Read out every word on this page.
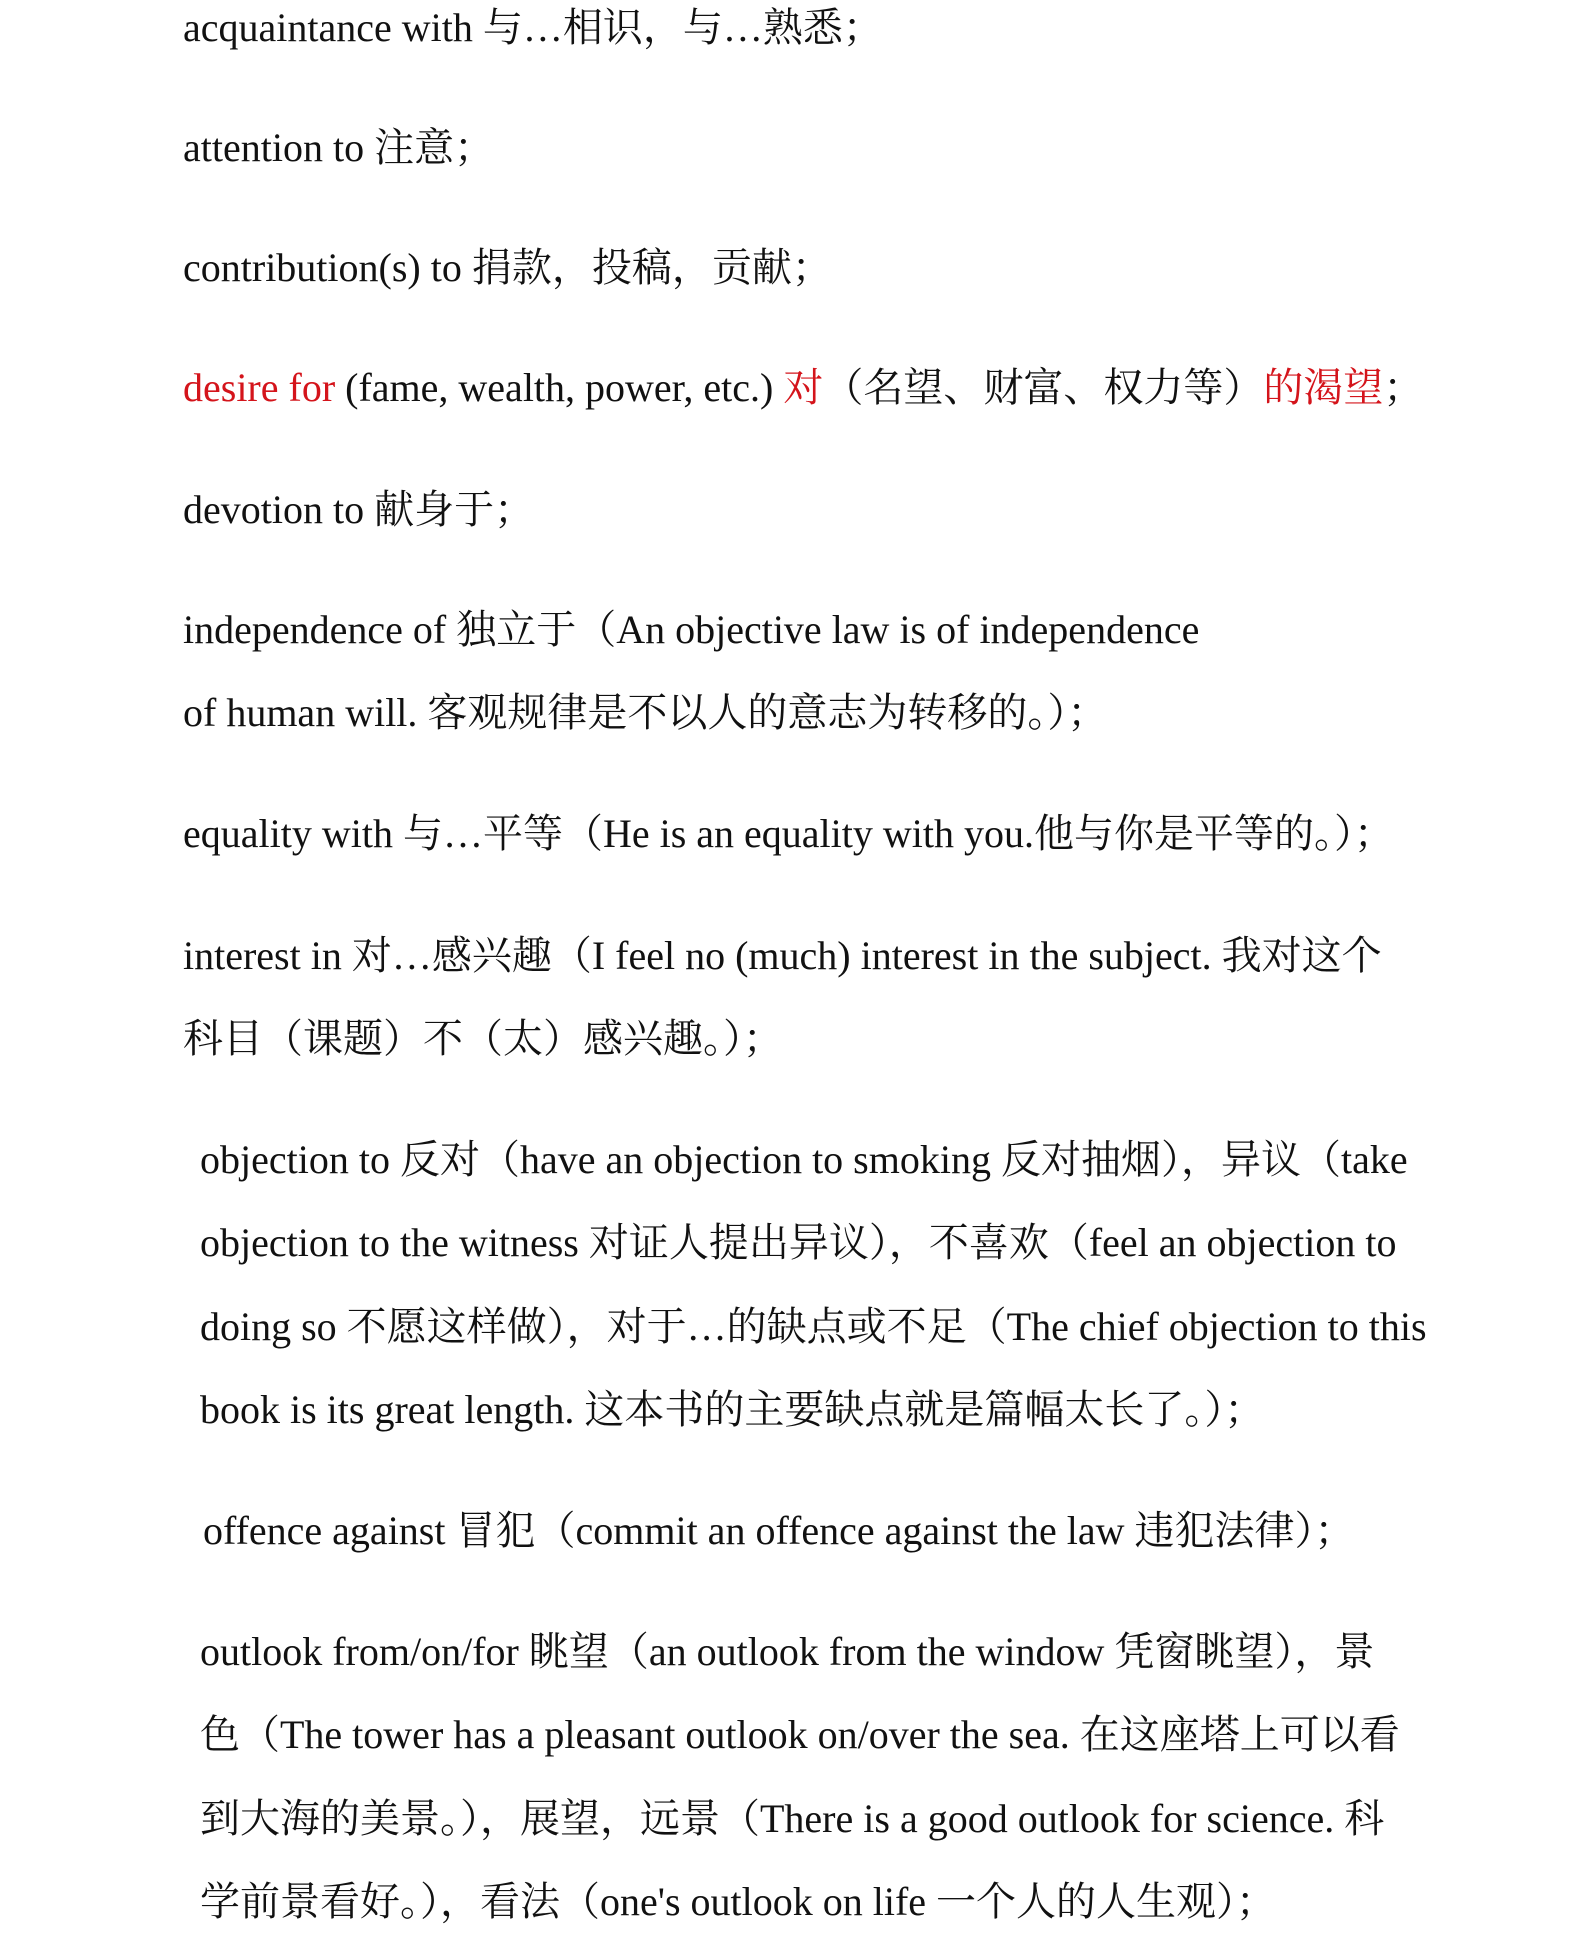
acquaintance with 与…相识，与…熟悉；
attention to 注意；
contribution(s) to 捐款，投稿，贡献；
desire for (fame, wealth, power, etc.) 对（名望、财富、权力等）的渴望；
devotion to 献身于；
independence of 独立于（An objective law is of independence
of human will. 客观规律是不以人的意志为转移的。）；
equality with 与…平等（He is an equality with you.他与你是平等的。）；
interest in 对…感兴趣（I feel no (much) interest in the subject. 我对这个
科目（课题）不（太）感兴趣。）；
objection to 反对（have an objection to smoking 反对抽烟），异议（take
objection to the witness 对证人提出异议），不喜欢（feel an objection to
doing so 不愿这样做），对于…的缺点或不足（The chief objection to this
book is its great length. 这本书的主要缺点就是篇幅太长了。）；
offence against 冒犯（commit an offence against the law 违犯法律）；
outlook from/on/for 眺望（an outlook from the window 凭窗眺望），景
色（The tower has a pleasant outlook on/over the sea. 在这座塔上可以看
到大海的美景。），展望，远景（There is a good outlook for science. 科
学前景看好。），看法（one's outlook on life 一个人的人生观）；
